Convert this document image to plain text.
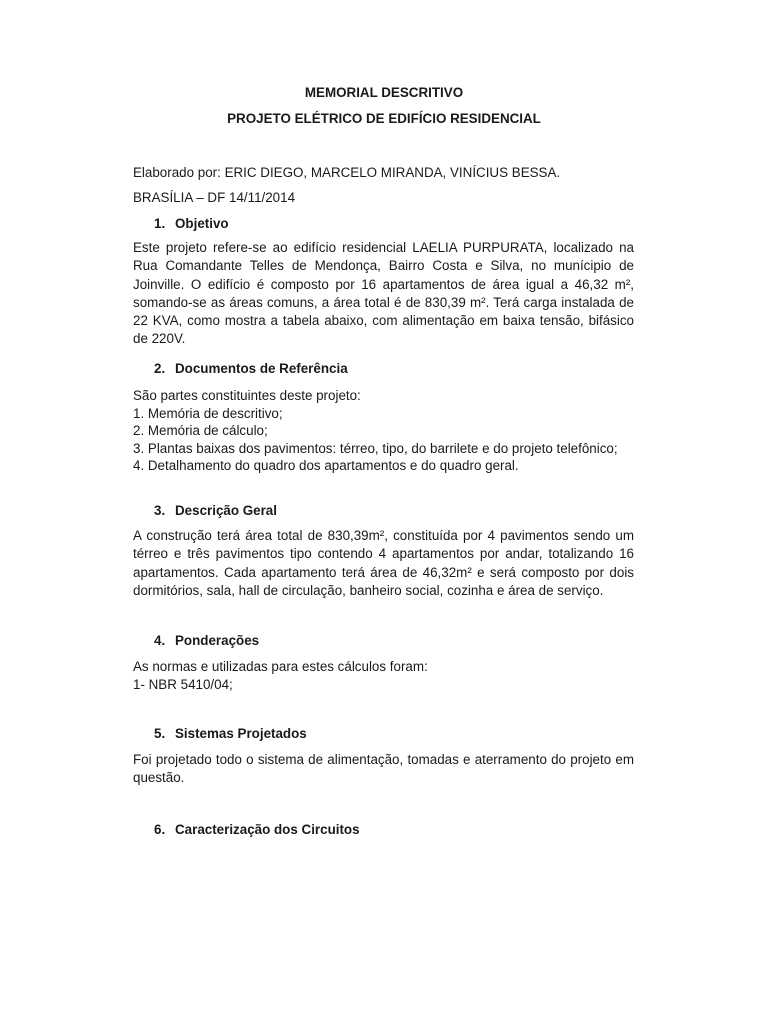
MEMORIAL DESCRITIVO
PROJETO ELÉTRICO DE EDIFÍCIO RESIDENCIAL
Elaborado por: ERIC DIEGO, MARCELO MIRANDA, VINÍCIUS BESSA.
BRASÍLIA – DF 14/11/2014
1. Objetivo
Este projeto refere-se ao edifício residencial LAELIA PURPURATA, localizado na Rua Comandante Telles de Mendonça, Bairro Costa e Silva, no munícipio de Joinville. O edifício é composto por 16 apartamentos de área igual a 46,32 m², somando-se as áreas comuns, a área total é de 830,39 m². Terá carga instalada de 22 KVA, como mostra a tabela abaixo, com alimentação em baixa tensão, bifásico de 220V.
2. Documentos de Referência
São partes constituintes deste projeto:
1. Memória de descritivo;
2. Memória de cálculo;
3. Plantas baixas dos pavimentos: térreo, tipo, do barrilete e do projeto telefônico;
4. Detalhamento do quadro dos apartamentos e do quadro geral.
3. Descrição Geral
A construção terá área total de 830,39m², constituída por 4 pavimentos sendo um térreo e três pavimentos tipo contendo 4 apartamentos por andar, totalizando 16 apartamentos. Cada apartamento terá área de 46,32m² e será composto por dois dormitórios, sala, hall de circulação, banheiro social, cozinha e área de serviço.
4. Ponderações
As normas e utilizadas para estes cálculos foram:
1- NBR 5410/04;
5. Sistemas Projetados
Foi projetado todo o sistema de alimentação, tomadas e aterramento do projeto em questão.
6. Caracterização dos Circuitos
